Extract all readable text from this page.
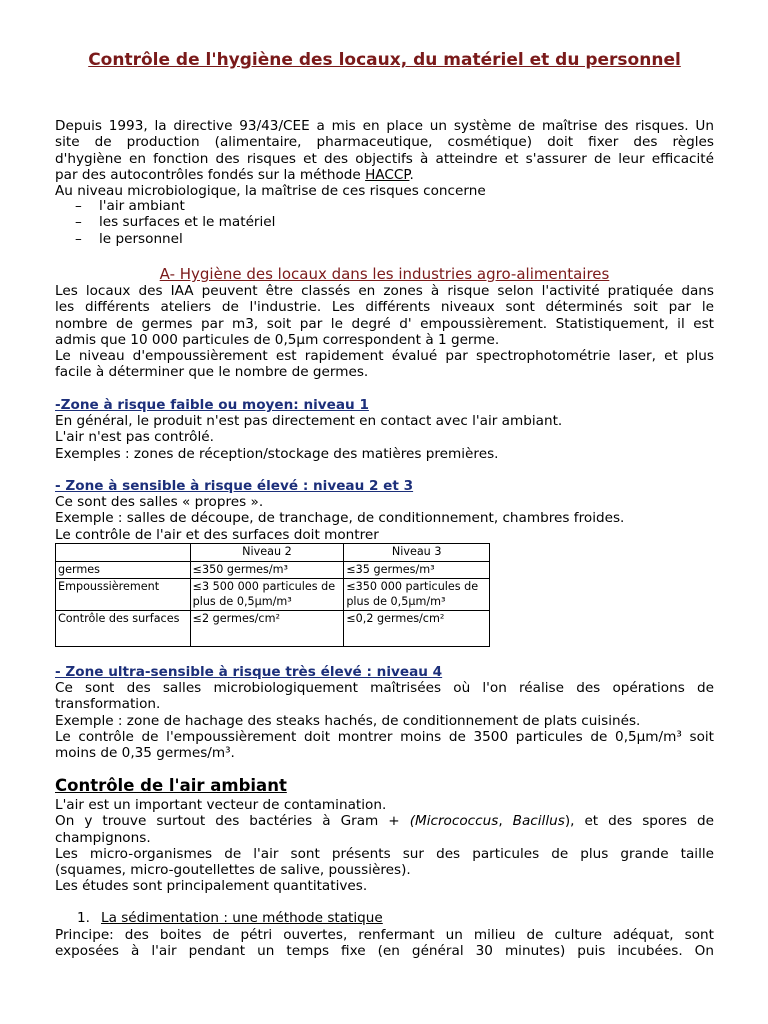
Contrôle de l'hygiène des locaux, du matériel et du personnel
Depuis 1993, la directive 93/43/CEE a mis en place un système de maîtrise des risques. Un
site de production (alimentaire, pharmaceutique, cosmétique) doit fixer des règles
d'hygiène en fonction des risques et des objectifs à atteindre et s'assurer de leur efficacité
par des autocontrôles fondés sur la méthode HACCP.
Au niveau microbiologique, la maîtrise de ces risques concerne
– l'air ambiant
– les surfaces et le matériel
– le personnel
A- Hygiène des locaux dans les industries agro-alimentaires
Les locaux des IAA peuvent être classés en zones à risque selon l'activité pratiquée dans
les différents ateliers de l'industrie. Les différents niveaux sont déterminés soit par le
nombre de germes par m3, soit par le degré d' empoussièrement. Statistiquement, il est
admis que 10 000 particules de 0,5µm correspondent à 1 germe.
Le niveau d'empoussièrement est rapidement évalué par spectrophotométrie laser, et plus
facile à déterminer que le nombre de germes.
-Zone à risque faible ou moyen: niveau 1
En général, le produit n'est pas directement en contact avec l'air ambiant.
L'air n'est pas contrôlé.
Exemples : zones de réception/stockage des matières premières.
- Zone à sensible à risque élevé : niveau 2 et 3
Ce sont des salles « propres ».
Exemple : salles de découpe, de tranchage, de conditionnement, chambres froides.
Le contrôle de l'air et des surfaces doit montrer
	Niveau 2	Niveau 3
germes	≤350 germes/m³	≤35 germes/m³
Empoussièrement	≤3 500 000 particules de plus de 0,5µm/m³	≤350 000 particules de plus de 0,5µm/m³
Contrôle des surfaces	≤2 germes/cm²	≤0,2 germes/cm²
- Zone ultra-sensible à risque très élevé : niveau 4
Ce sont des salles microbiologiquement maîtrisées où l'on réalise des opérations de
transformation.
Exemple : zone de hachage des steaks hachés, de conditionnement de plats cuisinés.
Le contrôle de l'empoussièrement doit montrer moins de 3500 particules de 0,5µm/m³ soit
moins de 0,35 germes/m³.
Contrôle de l'air ambiant
L'air est un important vecteur de contamination.
On y trouve surtout des bactéries à Gram + (Micrococcus, Bacillus), et des spores de
champignons.
Les micro-organismes de l'air sont présents sur des particules de plus grande taille
(squames, micro-goutellettes de salive, poussières).
Les études sont principalement quantitatives.
1. La sédimentation : une méthode statique
Principe: des boites de pétri ouvertes, renfermant un milieu de culture adéquat, sont
exposées à l'air pendant un temps fixe (en général 30 minutes) puis incubées. On
